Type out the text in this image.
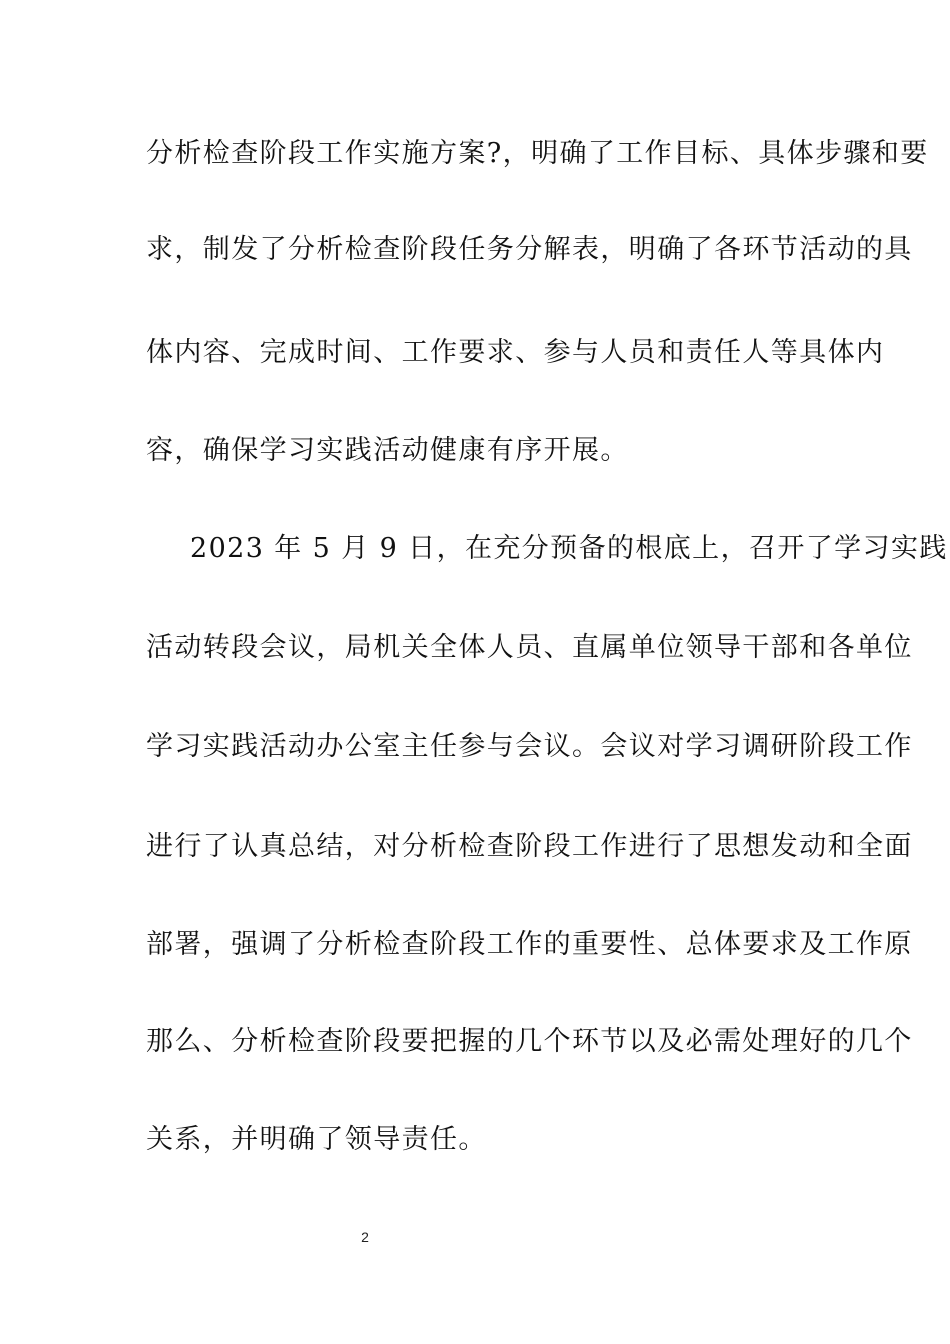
分析检查阶段工作实施方案?，明确了工作目标、具体步骤和要
求，制发了分析检查阶段任务分解表，明确了各环节活动的具
体内容、完成时间、工作要求、参与人员和责任人等具体内
容，确保学习实践活动健康有序开展。
2023 年 5 月 9 日，在充分预备的根底上，召开了学习实践
活动转段会议，局机关全体人员、直属单位领导干部和各单位
学习实践活动办公室主任参与会议。会议对学习调研阶段工作
进行了认真总结，对分析检查阶段工作进行了思想发动和全面
部署，强调了分析检查阶段工作的重要性、总体要求及工作原
那么、分析检查阶段要把握的几个环节以及必需处理好的几个
关系，并明确了领导责任。
2
